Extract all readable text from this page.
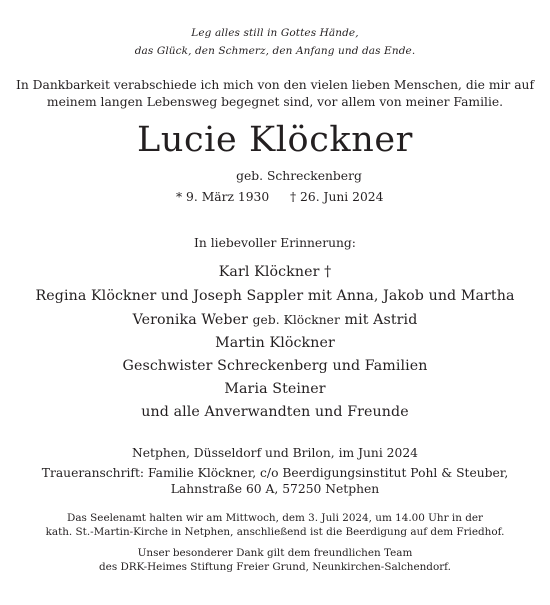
Leg alles still in Gottes Hände,
das Glück, den Schmerz, den Anfang und das Ende.
In Dankbarkeit verabschiede ich mich von den vielen lieben Menschen, die mir auf
meinem langen Lebensweg begegnet sind, vor allem von meiner Familie.
Lucie Klöckner
geb. Schreckenberg
* 9. März 1930 † 26. Juni 2024
In liebevoller Erinnerung:
Karl Klöckner †
Regina Klöckner und Joseph Sappler mit Anna, Jakob und Martha
Veronika Weber geb. Klöckner mit Astrid
Martin Klöckner
Geschwister Schreckenberg und Familien
Maria Steiner
und alle Anverwandten und Freunde
Netphen, Düsseldorf und Brilon, im Juni 2024
Traueranschrift: Familie Klöckner, c/o Beerdigungsinstitut Pohl & Steuber,
Lahnstraße 60 A, 57250 Netphen
Das Seelenamt halten wir am Mittwoch, dem 3. Juli 2024, um 14.00 Uhr in der
kath. St.-Martin-Kirche in Netphen, anschließend ist die Beerdigung auf dem Friedhof.
Unser besonderer Dank gilt dem freundlichen Team
des DRK-Heimes Stiftung Freier Grund, Neunkirchen-Salchendorf.
